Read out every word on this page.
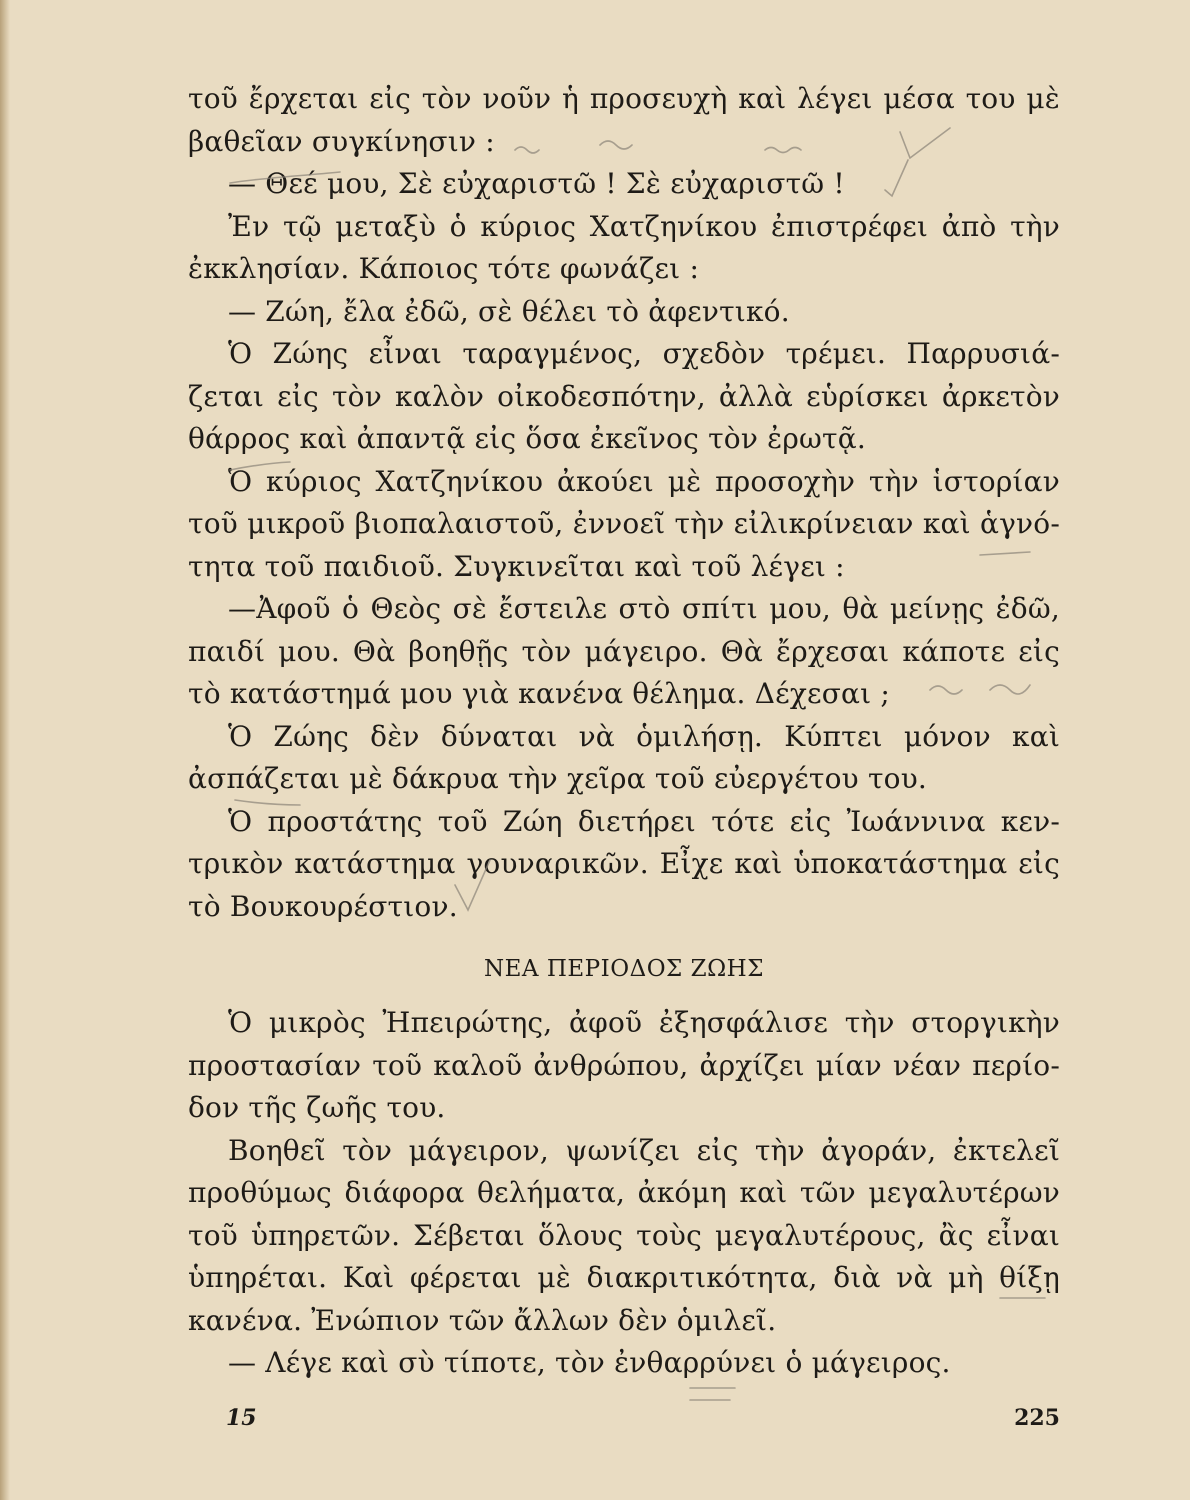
τοῦ ἔρχεται εἰς τὸν νοῦν ἡ προσευχὴ καὶ λέγει μέσα του μὲ
βαθεῖαν συγκίνησιν :
— Θεέ μου, Σὲ εὐχαριστῶ ! Σὲ εὐχαριστῶ !
Ἐν τῷ μεταξὺ ὁ κύριος Χατζηνίκου ἐπιστρέφει ἀπὸ τὴν
ἐκκλησίαν. Κάποιος τότε φωνάζει :
— Ζώη, ἔλα ἐδῶ, σὲ θέλει τὸ ἀφεντικό.
Ὁ Ζώης εἶναι ταραγμένος, σχεδὸν τρέμει. Παρρυσιά-
ζεται εἰς τὸν καλὸν οἰκοδεσπότην, ἀλλὰ εὑρίσκει ἀρκετὸν
θάρρος καὶ ἀπαντᾷ εἰς ὅσα ἐκεῖνος τὸν ἐρωτᾷ.
Ὁ κύριος Χατζηνίκου ἀκούει μὲ προσοχὴν τὴν ἱστορίαν
τοῦ μικροῦ βιοπαλαιστοῦ, ἐννοεῖ τὴν εἰλικρίνειαν καὶ ἁγνό-
τητα τοῦ παιδιοῦ. Συγκινεῖται καὶ τοῦ λέγει :
—Ἀφοῦ ὁ Θεὸς σὲ ἔστειλε στὸ σπίτι μου, θὰ μείνῃς ἐδῶ,
παιδί μου. Θὰ βοηθῇς τὸν μάγειρο. Θὰ ἔρχεσαι κάποτε εἰς
τὸ κατάστημά μου γιὰ κανένα θέλημα. Δέχεσαι ;
Ὁ Ζώης δὲν δύναται νὰ ὁμιλήσῃ. Κύπτει μόνον καὶ
ἀσπάζεται μὲ δάκρυα τὴν χεῖρα τοῦ εὐεργέτου του.
Ὁ προστάτης τοῦ Ζώη διετήρει τότε εἰς Ἰωάννινα κεν-
τρικὸν κατάστημα γουναρικῶν. Εἶχε καὶ ὑποκατάστημα εἰς
τὸ Βουκουρέστιον.
ΝΕΑ ΠΕΡΙΟΔΟΣ ΖΩΗΣ
Ὁ μικρὸς Ἠπειρώτης, ἀφοῦ ἐξησφάλισε τὴν στοργικὴν
προστασίαν τοῦ καλοῦ ἀνθρώπου, ἀρχίζει μίαν νέαν περίο-
δον τῆς ζωῆς του.
Βοηθεῖ τὸν μάγειρον, ψωνίζει εἰς τὴν ἀγοράν, ἐκτελεῖ
προθύμως διάφορα θελήματα, ἀκόμη καὶ τῶν μεγαλυτέρων
τοῦ ὑπηρετῶν. Σέβεται ὅλους τοὺς μεγαλυτέρους, ἂς εἶναι
ὑπηρέται. Καὶ φέρεται μὲ διακριτικότητα, διὰ νὰ μὴ θίξῃ
κανένα. Ἐνώπιον τῶν ἄλλων δὲν ὁμιλεῖ.
— Λέγε καὶ σὺ τίποτε, τὸν ἐνθαρρύνει ὁ μάγειρος.
15	225
